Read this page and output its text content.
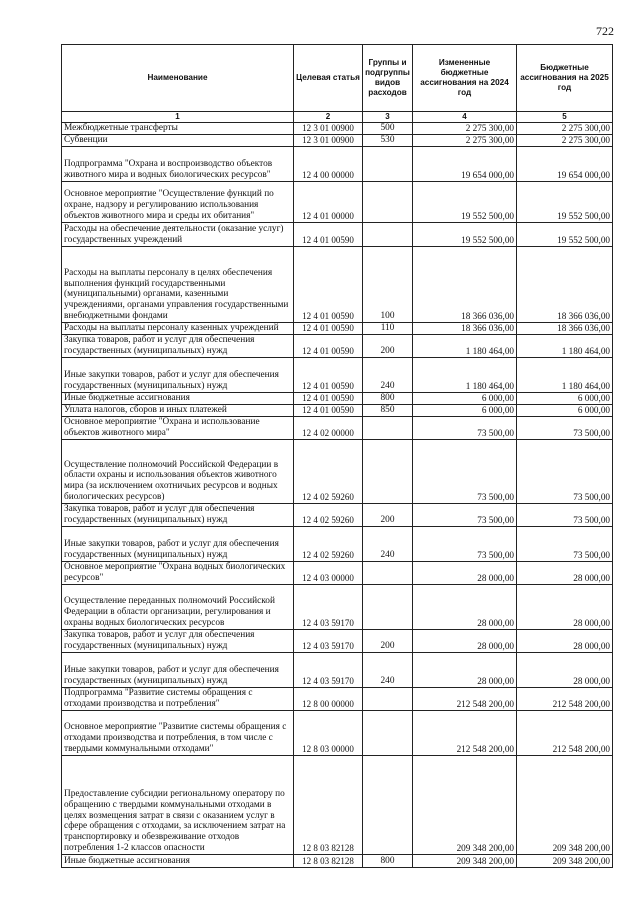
722
Наименование	Целевая статья	Группы и подгруппы видов расходов	Измененные бюджетные ассигнования на 2024 год	Бюджетные ассигнования на 2025 год
1	2	3	4	5
Межбюджетные трансферты	12 3 01 00900	500	2 275 300,00	2 275 300,00
Субвенции	12 3 01 00900	530	2 275 300,00	2 275 300,00
Подпрограмма "Охрана и воспроизводство объектов животного мира и водных биологических ресурсов"	12 4 00 00000		19 654 000,00	19 654 000,00
Основное мероприятие "Осуществление функций по охране, надзору и регулированию использования объектов животного мира и среды их обитания"	12 4 01 00000		19 552 500,00	19 552 500,00
Расходы на обеспечение деятельности (оказание услуг) государственных учреждений	12 4 01 00590		19 552 500,00	19 552 500,00
Расходы на выплаты персоналу в целях обеспечения выполнения функций государственными (муниципальными) органами, казенными учреждениями, органами управления государственными внебюджетными фондами	12 4 01 00590	100	18 366 036,00	18 366 036,00
Расходы на выплаты персоналу казенных учреждений	12 4 01 00590	110	18 366 036,00	18 366 036,00
Закупка товаров, работ и услуг для обеспечения государственных (муниципальных) нужд	12 4 01 00590	200	1 180 464,00	1 180 464,00
Иные закупки товаров, работ и услуг для обеспечения государственных (муниципальных) нужд	12 4 01 00590	240	1 180 464,00	1 180 464,00
Иные бюджетные ассигнования	12 4 01 00590	800	6 000,00	6 000,00
Уплата налогов, сборов и иных платежей	12 4 01 00590	850	6 000,00	6 000,00
Основное мероприятие "Охрана и использование объектов животного мира"	12 4 02 00000		73 500,00	73 500,00
Осуществление полномочий Российской Федерации в области охраны и использования объектов животного мира (за исключением охотничьих ресурсов и водных биологических ресурсов)	12 4 02 59260		73 500,00	73 500,00
Закупка товаров, работ и услуг для обеспечения государственных (муниципальных) нужд	12 4 02 59260	200	73 500,00	73 500,00
Иные закупки товаров, работ и услуг для обеспечения государственных (муниципальных) нужд	12 4 02 59260	240	73 500,00	73 500,00
Основное мероприятие "Охрана водных биологических ресурсов"	12 4 03 00000		28 000,00	28 000,00
Осуществление переданных полномочий Российской Федерации в области организации, регулирования и охраны водных биологических ресурсов	12 4 03 59170		28 000,00	28 000,00
Закупка товаров, работ и услуг для обеспечения государственных (муниципальных) нужд	12 4 03 59170	200	28 000,00	28 000,00
Иные закупки товаров, работ и услуг для обеспечения государственных (муниципальных) нужд	12 4 03 59170	240	28 000,00	28 000,00
Подпрограмма "Развитие системы обращения с отходами производства и потребления"	12 8 00 00000		212 548 200,00	212 548 200,00
Основное мероприятие "Развитие системы обращения с отходами производства и потребления, в том числе с твердыми коммунальными отходами"	12 8 03 00000		212 548 200,00	212 548 200,00
Предоставление субсидии региональному оператору по обращению с твердыми коммунальными отходами в целях возмещения затрат в связи с оказанием услуг в сфере обращения с отходами, за исключением затрат на транспортировку и обезвреживание отходов потребления 1-2 классов опасности	12 8 03 82128		209 348 200,00	209 348 200,00
Иные бюджетные ассигнования	12 8 03 82128	800	209 348 200,00	209 348 200,00
